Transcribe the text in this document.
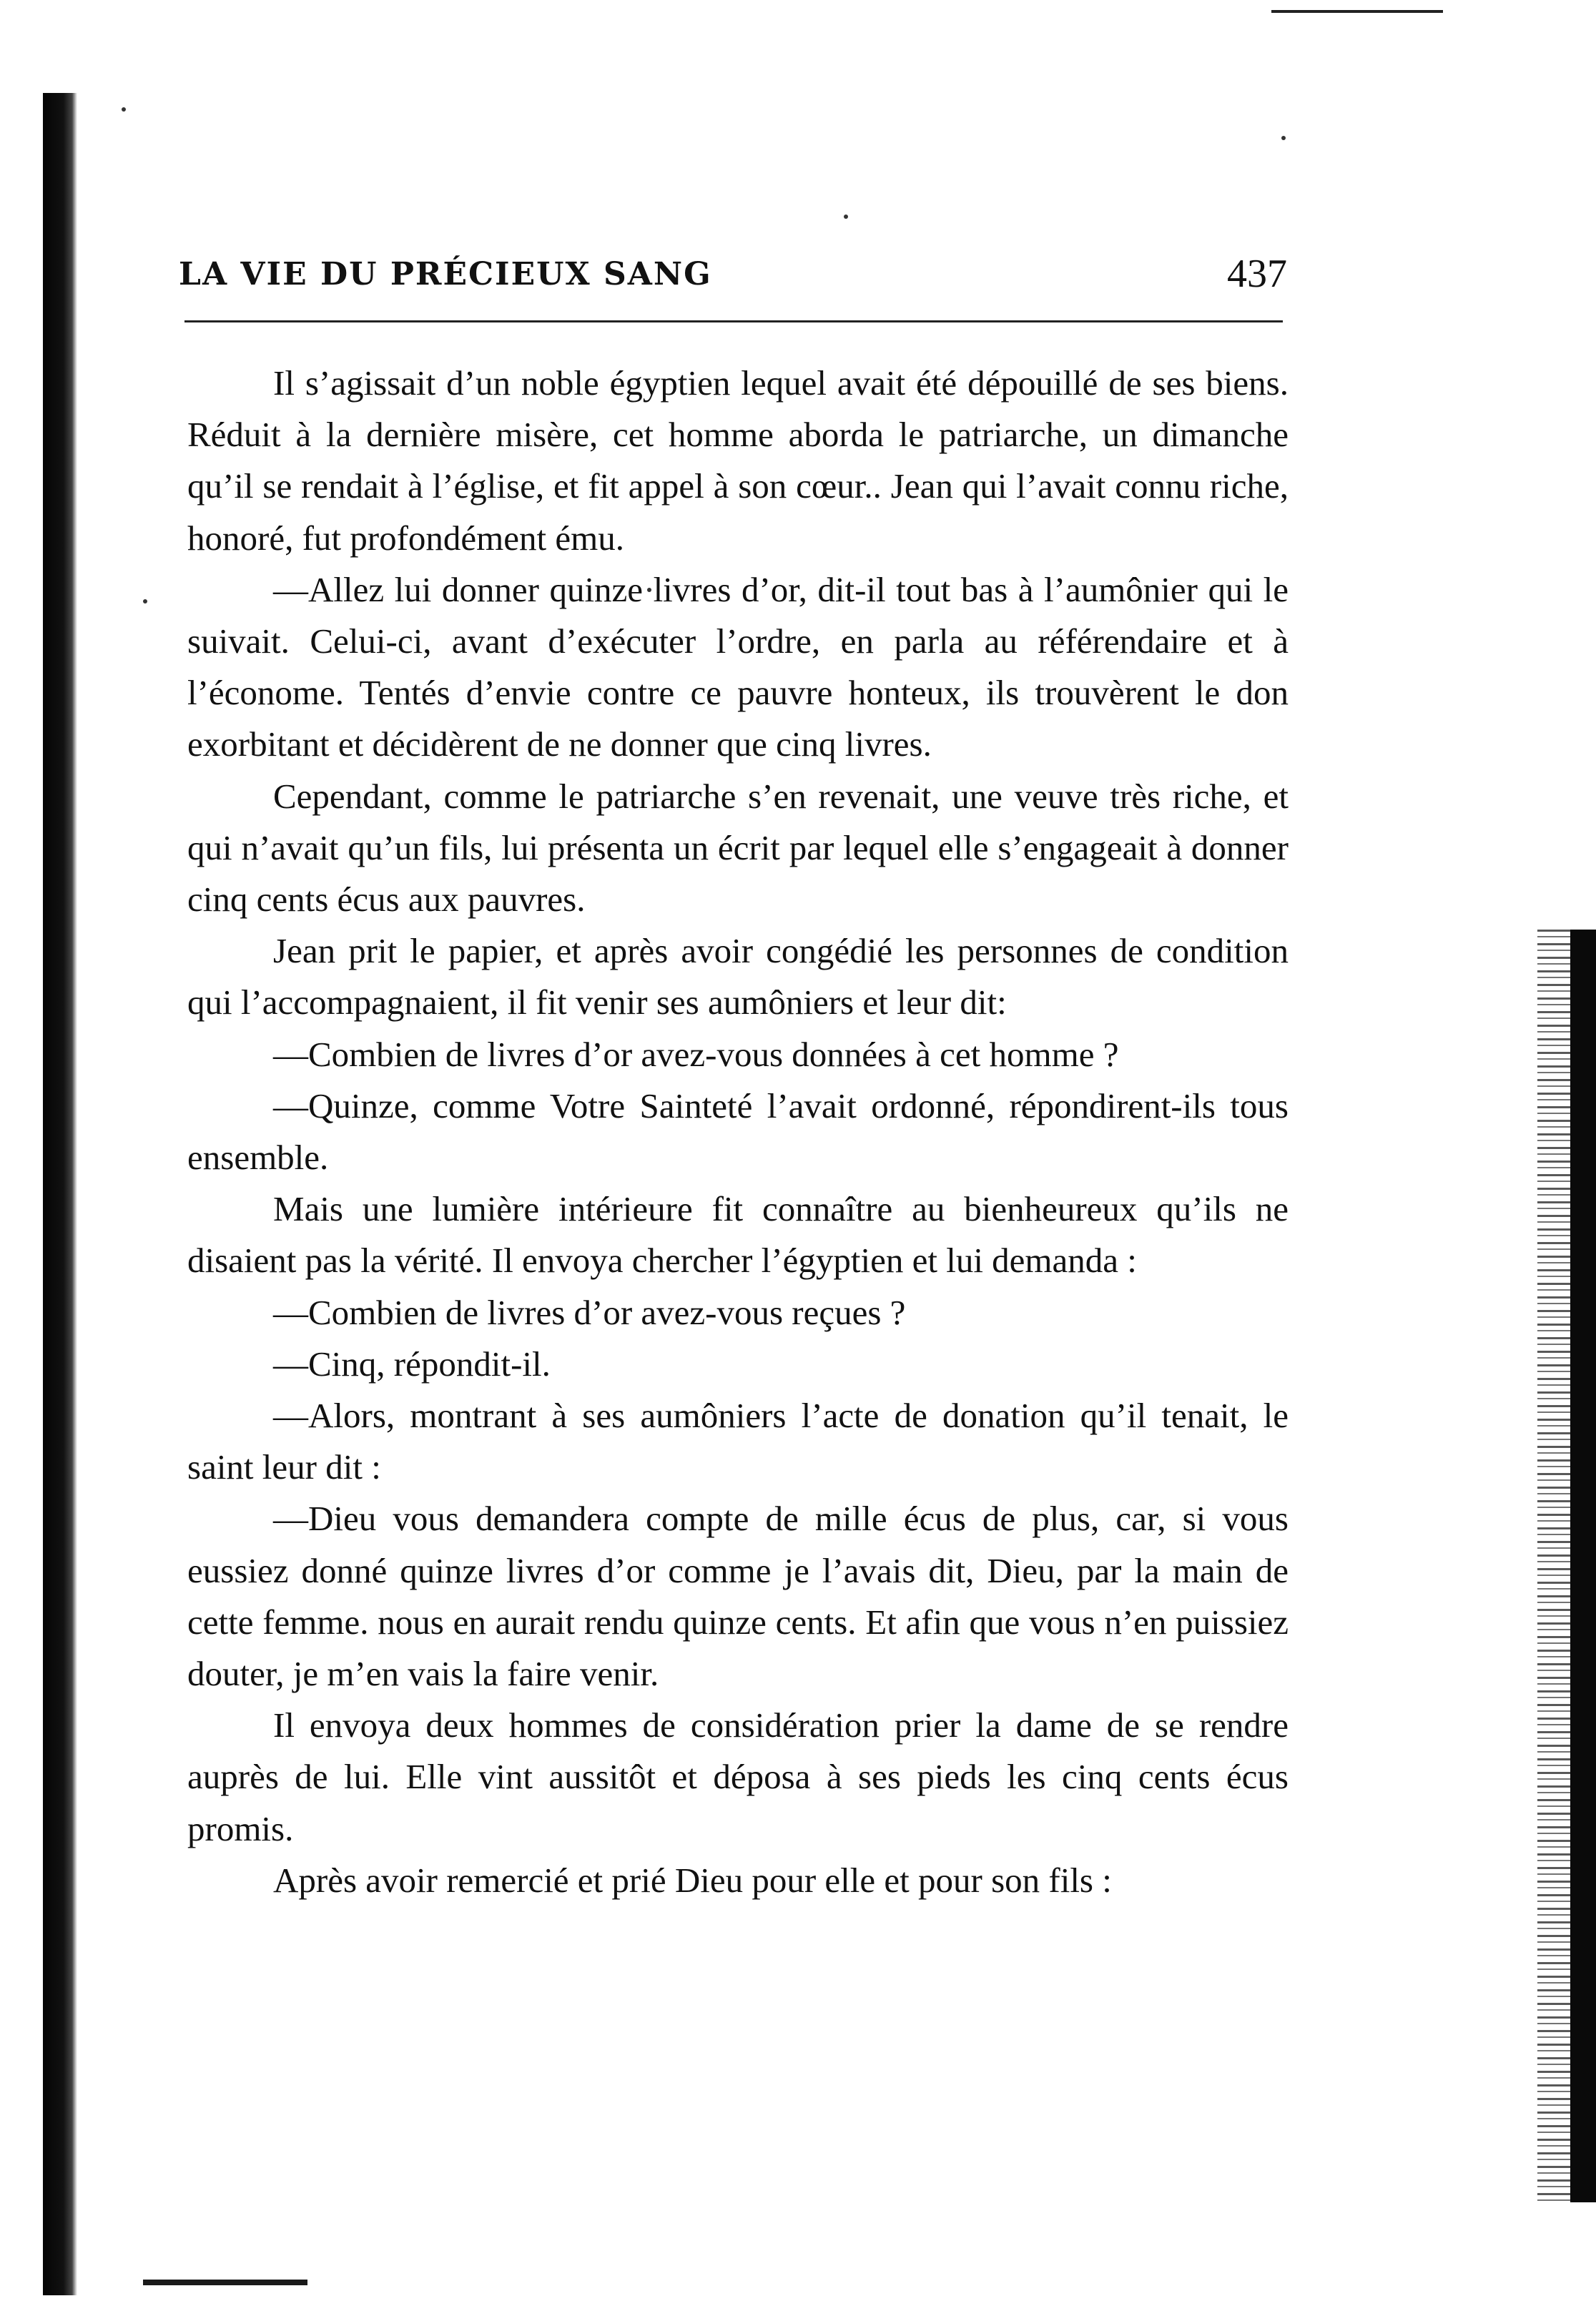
LA VIE DU PRÉCIEUX SANG	437

Il s’agissait d’un noble égyptien lequel avait été dépouillé de ses biens. Réduit à la dernière misère, cet homme aborda le patriarche, un dimanche qu’il se rendait à l’église, et fit appel à son cœur.. Jean qui l’avait connu riche, honoré, fut profondément ému.

—Allez lui donner quinze livres d’or, dit-il tout bas à l’aumônier qui le suivait. Celui-ci, avant d’exécuter l’ordre, en parla au référendaire et à l’économe. Tentés d’envie contre ce pauvre honteux, ils trouvèrent le don exorbitant et décidèrent de ne donner que cinq livres.

Cependant, comme le patriarche s’en revenait, une veuve très riche, et qui n’avait qu’un fils, lui présenta un écrit par lequel elle s’engageait à donner cinq cents écus aux pauvres.

Jean prit le papier, et après avoir congédié les personnes de condition qui l’accompagnaient, il fit venir ses aumôniers et leur dit:

—Combien de livres d’or avez-vous données à cet homme ?

—Quinze, comme Votre Sainteté l’avait ordonné, répondirent-ils tous ensemble.

Mais une lumière intérieure fit connaître au bienheureux qu’ils ne disaient pas la vérité. Il envoya chercher l’égyptien et lui demanda :

—Combien de livres d’or avez-vous reçues ?

—Cinq, répondit-il.

—Alors, montrant à ses aumôniers l’acte de donation qu’il tenait, le saint leur dit :

—Dieu vous demandera compte de mille écus de plus, car, si vous eussiez donné quinze livres d’or comme je l’avais dit, Dieu, par la main de cette femme. nous en aurait rendu quinze cents. Et afin que vous n’en puissiez douter, je m’en vais la faire venir.

Il envoya deux hommes de considération prier la dame de se rendre auprès de lui. Elle vint aussitôt et déposa à ses pieds les cinq cents écus promis.

Après avoir remercié et prié Dieu pour elle et pour son fils :
